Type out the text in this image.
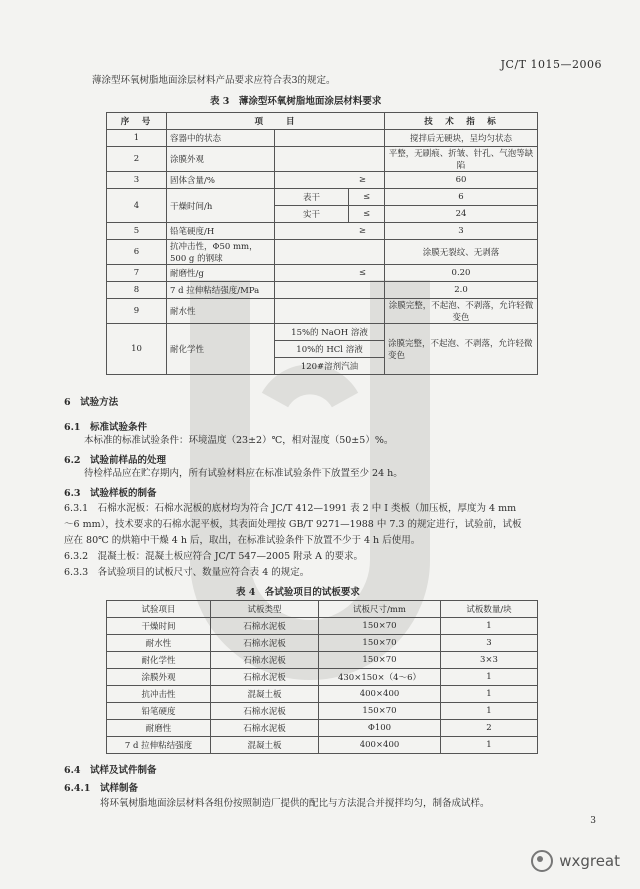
JC/T 1015—2006
薄涂型环氧树脂地面涂层材料产品要求应符合表3的规定。
表 3　薄涂型环氧树脂地面涂层材料要求
序　号	项　　目			技　术　指　标
1	容器中的状态			搅拌后无硬块，呈均匀状态
2	涂膜外观			平整，无刷痕、折皱、针孔、气泡等缺陷
3	固体含量/%	≥		60
4	干燥时间/h	表干	≤	6
		实干	≤	24
5	铅笔硬度/H	≥		3
6	抗冲击性，Φ50 mm，500 g 的钢球			涂膜无裂纹、无剥落
7	耐磨性/g	≤		0.20
8	7 d 拉伸粘结强度/MPa			2.0
9	耐水性			涂膜完整，不起泡、不剥落，允许轻微变色
10	耐化学性	15%的 NaOH 溶液		涂膜完整，不起泡、不剥落，允许轻微变色
		10%的 HCl 溶液		
		120#溶剂汽油		
6　试验方法
6.1　标准试验条件
本标准的标准试验条件：环境温度（23±2）℃，相对湿度（50±5）%。
6.2　试验前样品的处理
待检样品应在贮存期内，所有试验材料应在标准试验条件下放置至少 24 h。
6.3　试验样板的制备
6.3.1　石棉水泥板：石棉水泥板的底材均为符合 JC/T 412—1991 表 2 中 Ⅰ 类板（加压板，厚度为 4 mm
～6 mm），技术要求的石棉水泥平板，其表面处理按 GB/T 9271—1988 中 7.3 的规定进行，试验前，试板
应在 80℃ 的烘箱中干燥 4 h 后，取出，在标准试验条件下放置不少于 4 h 后使用。
6.3.2　混凝土板：混凝土板应符合 JC/T 547—2005 附录 A 的要求。
6.3.3　各试验项目的试板尺寸、数量应符合表 4 的规定。
表 4　各试验项目的试板要求
试验项目	试板类型	试板尺寸/mm	试板数量/块
干燥时间	石棉水泥板	150×70	1
耐水性	石棉水泥板	150×70	3
耐化学性	石棉水泥板	150×70	3×3
涂膜外观	石棉水泥板	430×150×（4～6）	1
抗冲击性	混凝土板	400×400	1
铅笔硬度	石棉水泥板	150×70	1
耐磨性	石棉水泥板	Φ100	2
7 d 拉伸粘结强度	混凝土板	400×400	1
6.4　试样及试件制备
6.4.1　试样制备
将环氧树脂地面涂层材料各组份按照制造厂提供的配比与方法混合并搅拌均匀，制备成试样。
3
wxgreat
